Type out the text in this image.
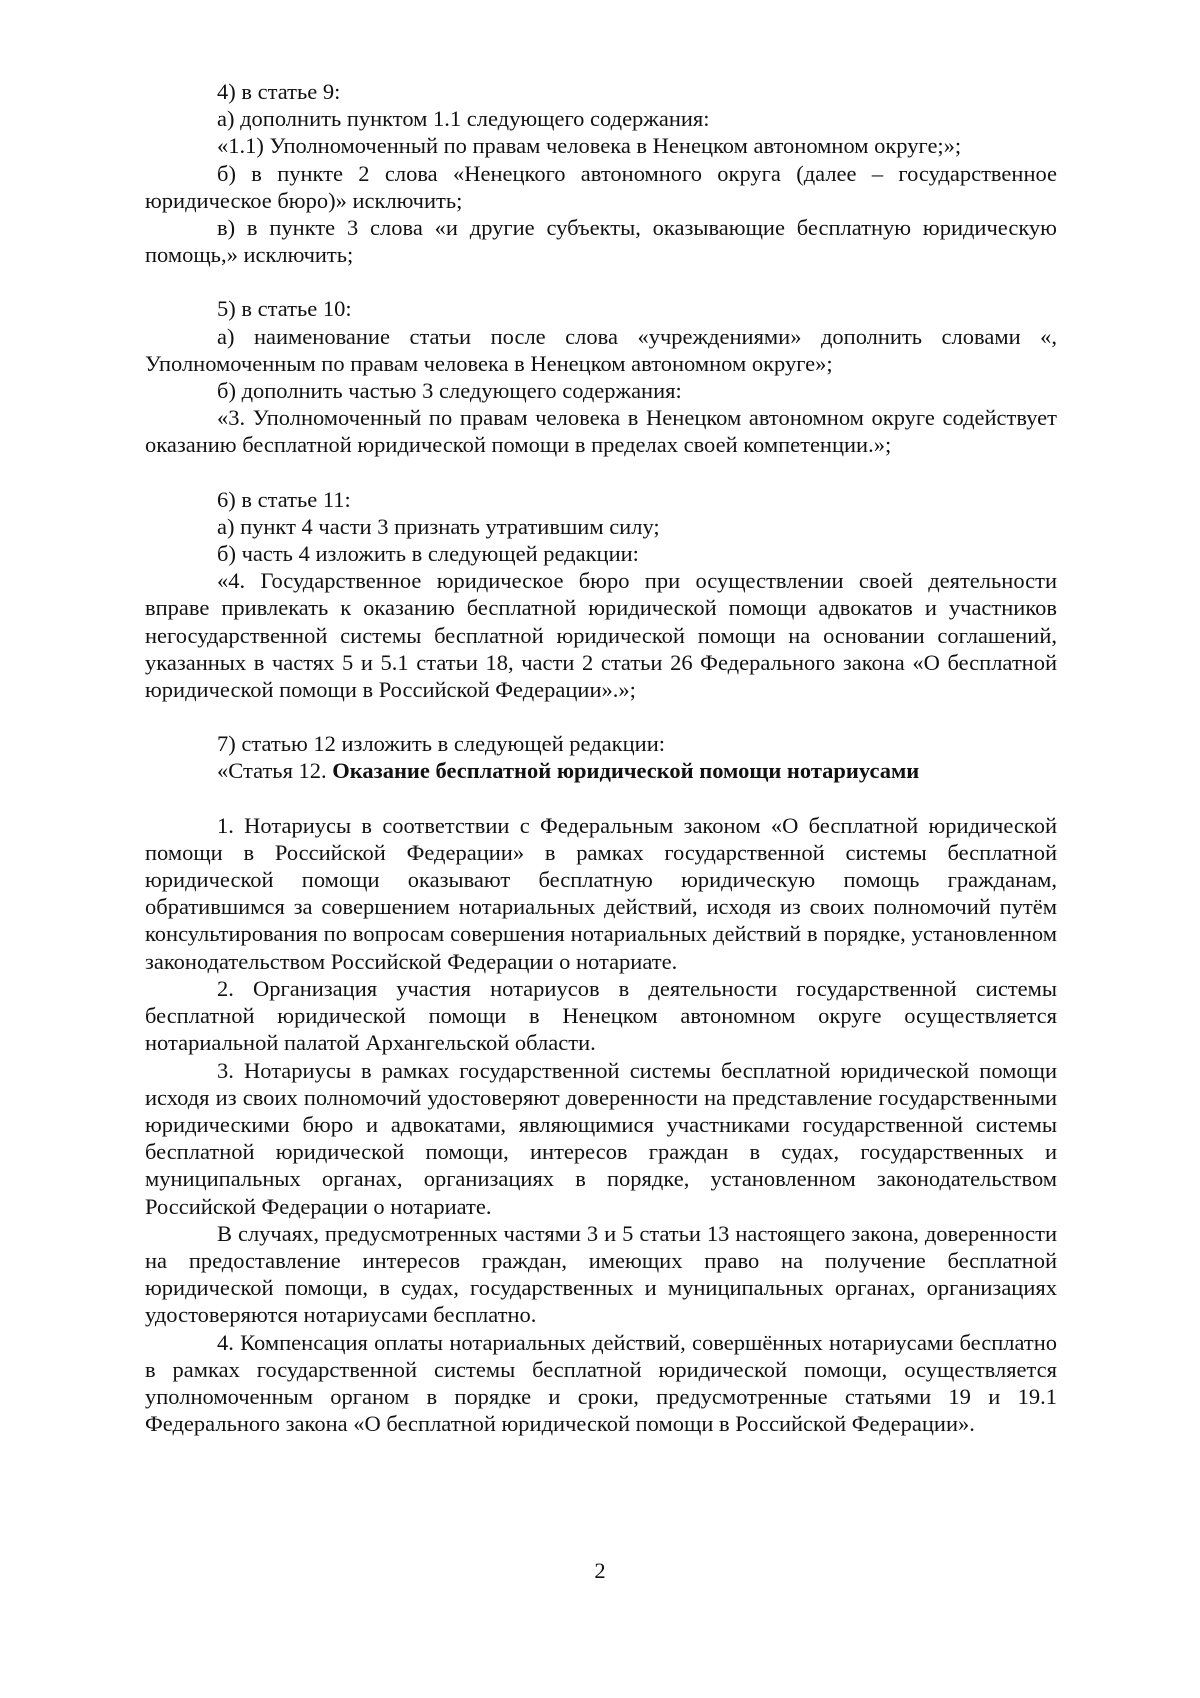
4) в статье 9:

а) дополнить пунктом 1.1 следующего содержания:

«1.1) Уполномоченный по правам человека в Ненецком автономном округе;»;

б) в пункте 2 слова «Ненецкого автономного округа (далее – государственное юридическое бюро)» исключить;

в) в пункте 3 слова «и другие субъекты, оказывающие бесплатную юридическую помощь,» исключить;

5) в статье 10:

а) наименование статьи после слова «учреждениями» дополнить словами «, Уполномоченным по правам человека в Ненецком автономном округе»;

б) дополнить частью 3 следующего содержания:

«3. Уполномоченный по правам человека в Ненецком автономном округе содействует оказанию бесплатной юридической помощи в пределах своей компетенции.»;

6) в статье 11:

а) пункт 4 части 3 признать утратившим силу;

б) часть 4 изложить в следующей редакции:

«4. Государственное юридическое бюро при осуществлении своей деятельности вправе привлекать к оказанию бесплатной юридической помощи адвокатов и участников негосударственной системы бесплатной юридической помощи на основании соглашений, указанных в частях 5 и 5.1 статьи 18, части 2 статьи 26 Федерального закона «О бесплатной юридической помощи в Российской Федерации».»;

7) статью 12 изложить в следующей редакции:

«Статья 12. Оказание бесплатной юридической помощи нотариусами

1. Нотариусы в соответствии с Федеральным законом «О бесплатной юридической помощи в Российской Федерации» в рамках государственной системы бесплатной юридической помощи оказывают бесплатную юридическую помощь гражданам, обратившимся за совершением нотариальных действий, исходя из своих полномочий путём консультирования по вопросам совершения нотариальных действий в порядке, установленном законодательством Российской Федерации о нотариате.

2. Организация участия нотариусов в деятельности государственной системы бесплатной юридической помощи в Ненецком автономном округе осуществляется нотариальной палатой Архангельской области.

3. Нотариусы в рамках государственной системы бесплатной юридической помощи исходя из своих полномочий удостоверяют доверенности на представление государственными юридическими бюро и адвокатами, являющимися участниками государственной системы бесплатной юридической помощи, интересов граждан в судах, государственных и муниципальных органах, организациях в порядке, установленном законодательством Российской Федерации о нотариате.

В случаях, предусмотренных частями 3 и 5 статьи 13 настоящего закона, доверенности на предоставление интересов граждан, имеющих право на получение бесплатной юридической помощи, в судах, государственных и муниципальных органах, организациях удостоверяются нотариусами бесплатно.

4. Компенсация оплаты нотариальных действий, совершённых нотариусами бесплатно в рамках государственной системы бесплатной юридической помощи, осуществляется уполномоченным органом в порядке и сроки, предусмотренные статьями 19 и 19.1 Федерального закона «О бесплатной юридической помощи в Российской Федерации».

2
